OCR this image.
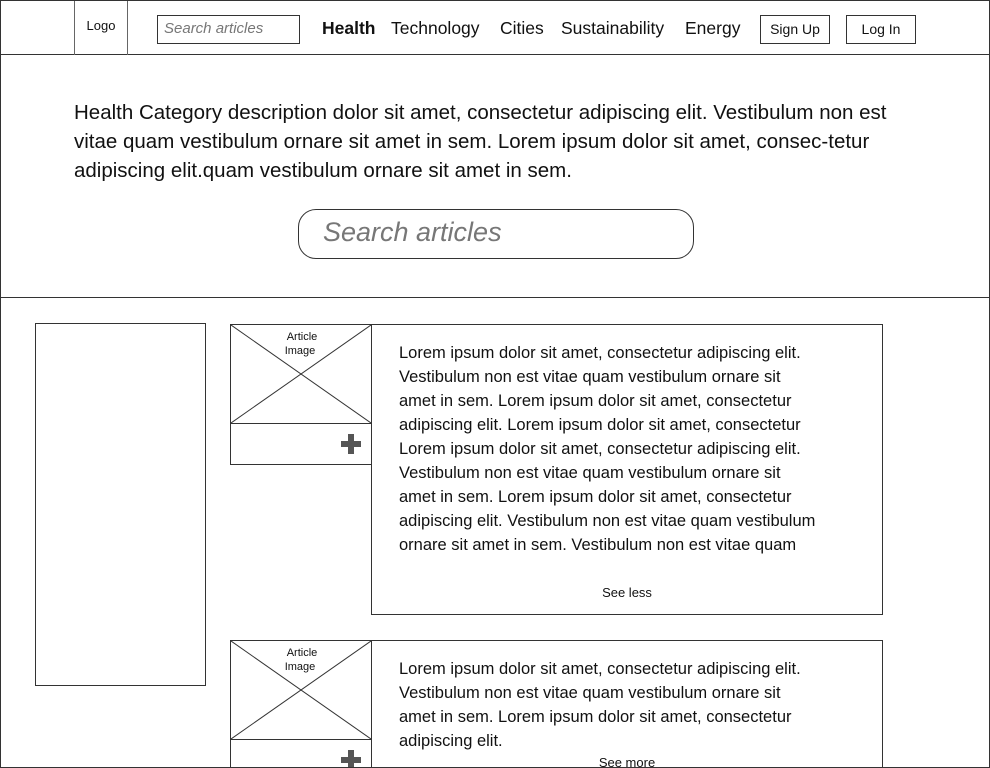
Logo	Search articles	Health Technology Cities Sustainability Energy	Sign Up	Log In

Health Category description dolor sit amet, consectetur adipiscing elit. Vestibulum non est vitae quam vestibulum ornare sit amet in sem. Lorem ipsum dolor sit amet, consec-tetur adipiscing elit.quam vestibulum ornare sit amet in sem.

Search articles
Article
Image	Lorem ipsum dolor sit amet, consectetur adipiscing elit.
Vestibulum non est vitae quam vestibulum ornare sit
amet in sem. Lorem ipsum dolor sit amet, consectetur
adipiscing elit. Lorem ipsum dolor sit amet, consectetur
Lorem ipsum dolor sit amet, consectetur adipiscing elit.
Vestibulum non est vitae quam vestibulum ornare sit
amet in sem. Lorem ipsum dolor sit amet, consectetur
adipiscing elit. Vestibulum non est vitae quam vestibulum
ornare sit amet in sem. Vestibulum non est vitae quam

See less
Article
Image	Lorem ipsum dolor sit amet, consectetur adipiscing elit.
Vestibulum non est vitae quam vestibulum ornare sit
amet in sem. Lorem ipsum dolor sit amet, consectetur
adipiscing elit.

See more
